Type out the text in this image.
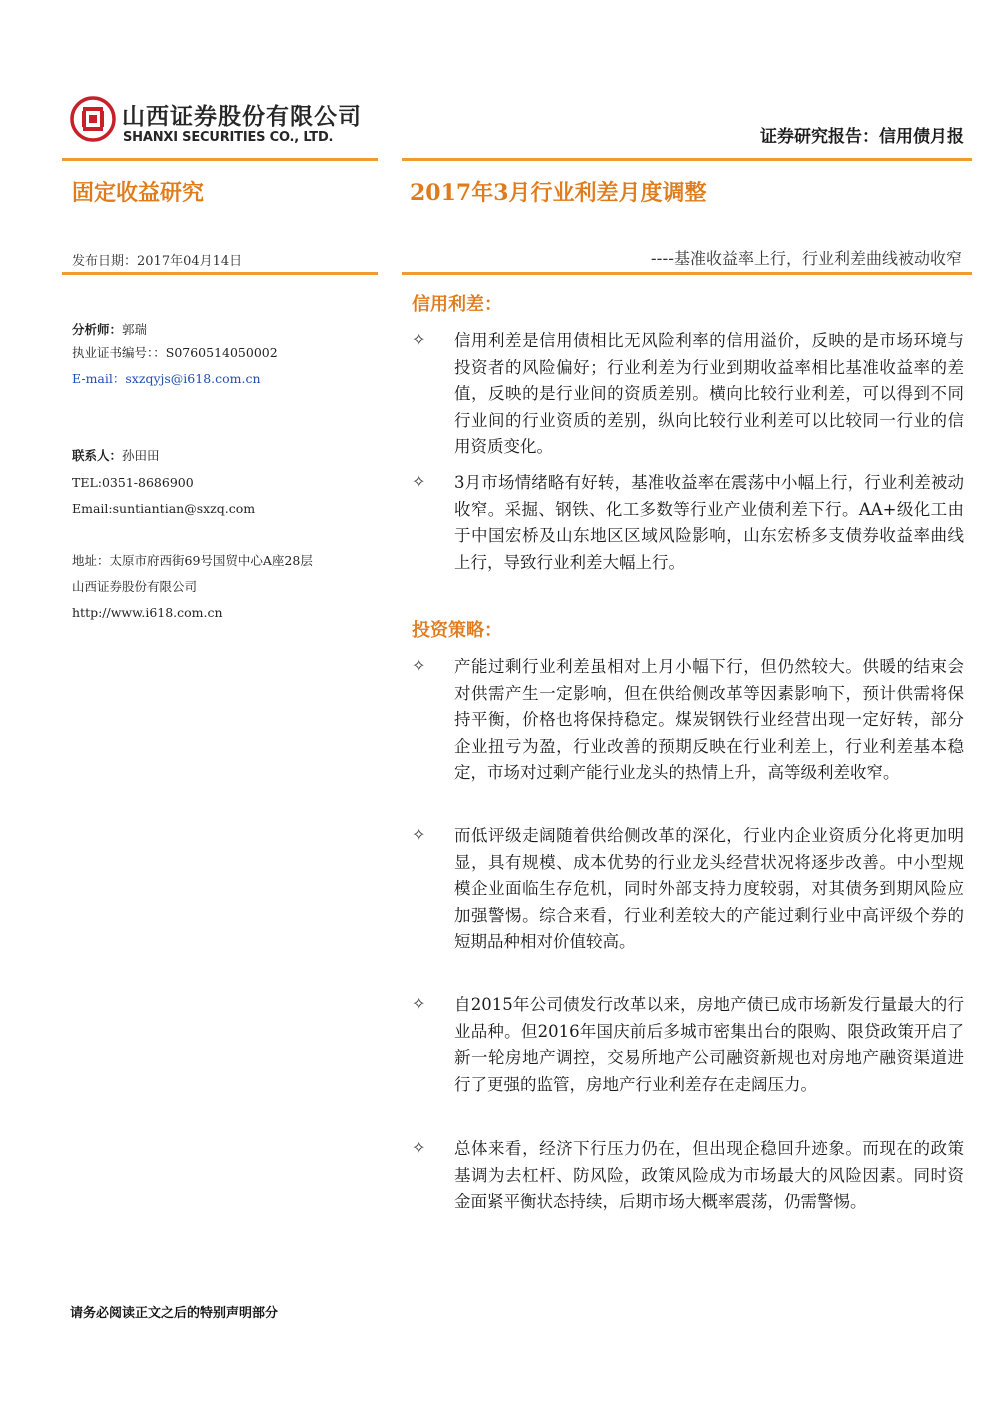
山西证券股份有限公司
SHANXI SECURITIES CO., LTD.	证券研究报告：信用债月报
固定收益研究	2017年3月行业利差月度调整
发布日期：2017年04月14日	----基准收益率上行，行业利差曲线被动收窄
分析师：郭瑞
执业证书编号：：S0760514050002
E-mail：sxzqyjs@i618.com.cn
联系人：孙田田
TEL:0351-8686900
Email:suntiantian@sxzq.com
地址：太原市府西街69号国贸中心A座28层
山西证券股份有限公司
http://www.i618.com.cn
信用利差：
✧ 信用利差是信用债相比无风险利率的信用溢价，反映的是市场环境与投资者的风险偏好；行业利差为行业到期收益率相比基准收益率的差值，反映的是行业间的资质差别。横向比较行业利差，可以得到不同行业间的行业资质的差别，纵向比较行业利差可以比较同一行业的信用资质变化。
✧ 3月市场情绪略有好转，基准收益率在震荡中小幅上行，行业利差被动收窄。采掘、钢铁、化工多数等行业产业债利差下行。AA+级化工由于中国宏桥及山东地区区域风险影响，山东宏桥多支债券收益率曲线上行，导致行业利差大幅上行。
投资策略：
✧ 产能过剩行业利差虽相对上月小幅下行，但仍然较大。供暖的结束会对供需产生一定影响，但在供给侧改革等因素影响下，预计供需将保持平衡，价格也将保持稳定。煤炭钢铁行业经营出现一定好转，部分企业扭亏为盈，行业改善的预期反映在行业利差上，行业利差基本稳定，市场对过剩产能行业龙头的热情上升，高等级利差收窄。
✧ 而低评级走阔随着供给侧改革的深化，行业内企业资质分化将更加明显，具有规模、成本优势的行业龙头经营状况将逐步改善。中小型规模企业面临生存危机，同时外部支持力度较弱，对其债务到期风险应加强警惕。综合来看，行业利差较大的产能过剩行业中高评级个券的短期品种相对价值较高。
✧ 自2015年公司债发行改革以来，房地产债已成市场新发行量最大的行业品种。但2016年国庆前后多城市密集出台的限购、限贷政策开启了新一轮房地产调控，交易所地产公司融资新规也对房地产融资渠道进行了更强的监管，房地产行业利差存在走阔压力。
✧ 总体来看，经济下行压力仍在，但出现企稳回升迹象。而现在的政策基调为去杠杆、防风险，政策风险成为市场最大的风险因素。同时资金面紧平衡状态持续，后期市场大概率震荡，仍需警惕。
请务必阅读正文之后的特别声明部分
